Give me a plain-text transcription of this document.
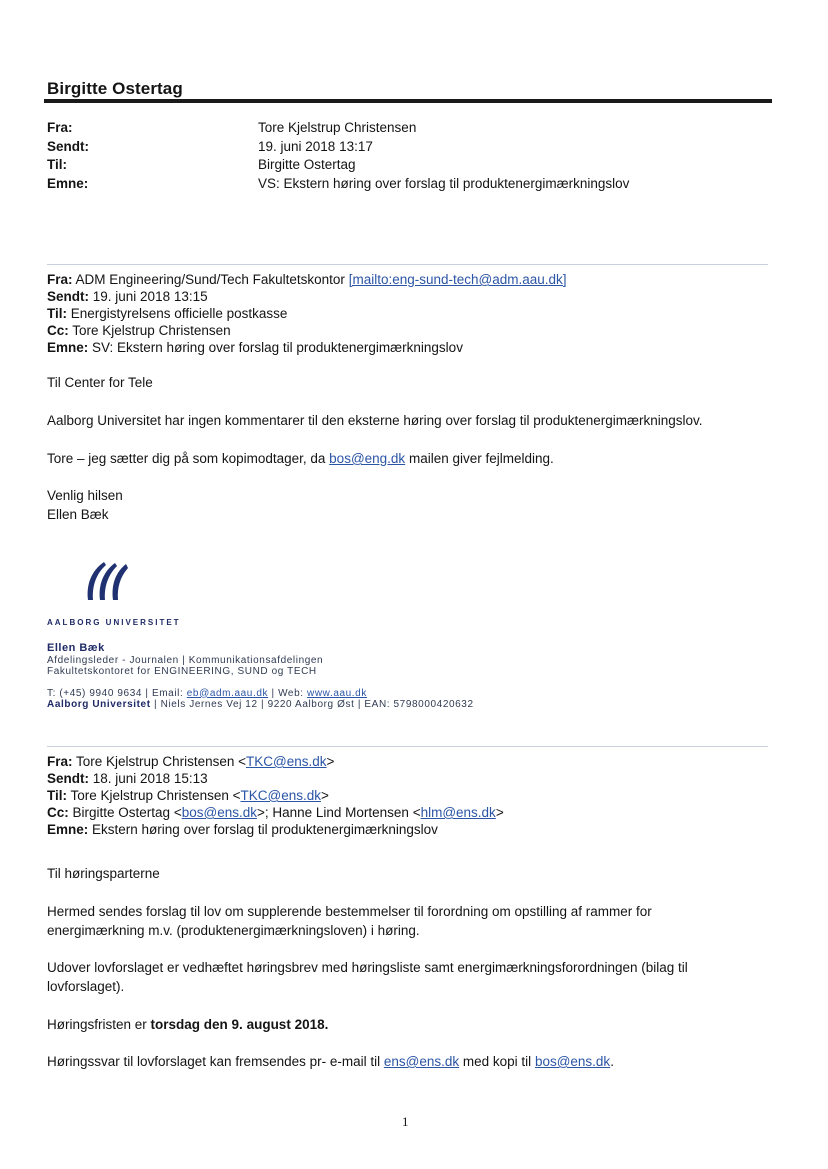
Birgitte Ostertag
Fra:	Tore Kjelstrup Christensen
Sendt:	19. juni 2018 13:17
Til:	Birgitte Ostertag
Emne:	VS: Ekstern høring over forslag til produktenergimærkningslov
Fra: ADM Engineering/Sund/Tech Fakultetskontor [mailto:eng-sund-tech@adm.aau.dk]
Sendt: 19. juni 2018 13:15
Til: Energistyrelsens officielle postkasse
Cc: Tore Kjelstrup Christensen
Emne: SV: Ekstern høring over forslag til produktenergimærkningslov
Til Center for Tele
Aalborg Universitet har ingen kommentarer til den eksterne høring over forslag til produktenergimærkningslov.
Tore – jeg sætter dig på som kopimodtager, da bos@eng.dk mailen giver fejlmelding.
Venlig hilsen
Ellen Bæk
AALBORG UNIVERSITET
Ellen Bæk
Afdelingsleder - Journalen | Kommunikationsafdelingen
Fakultetskontoret for ENGINEERING, SUND og TECH
T: (+45) 9940 9634 | Email: eb@adm.aau.dk | Web: www.aau.dk
Aalborg Universitet | Niels Jernes Vej 12 | 9220 Aalborg Øst | EAN: 5798000420632
Fra: Tore Kjelstrup Christensen <TKC@ens.dk>
Sendt: 18. juni 2018 15:13
Til: Tore Kjelstrup Christensen <TKC@ens.dk>
Cc: Birgitte Ostertag <bos@ens.dk>; Hanne Lind Mortensen <hlm@ens.dk>
Emne: Ekstern høring over forslag til produktenergimærkningslov
Til høringsparterne
Hermed sendes forslag til lov om supplerende bestemmelser til forordning om opstilling af rammer for energimærkning m.v. (produktenergimærkningsloven) i høring.
Udover lovforslaget er vedhæftet høringsbrev med høringsliste samt energimærkningsforordningen (bilag til lovforslaget).
Høringsfristen er torsdag den 9. august 2018.
Høringssvar til lovforslaget kan fremsendes pr- e-mail til ens@ens.dk med kopi til bos@ens.dk.
1
